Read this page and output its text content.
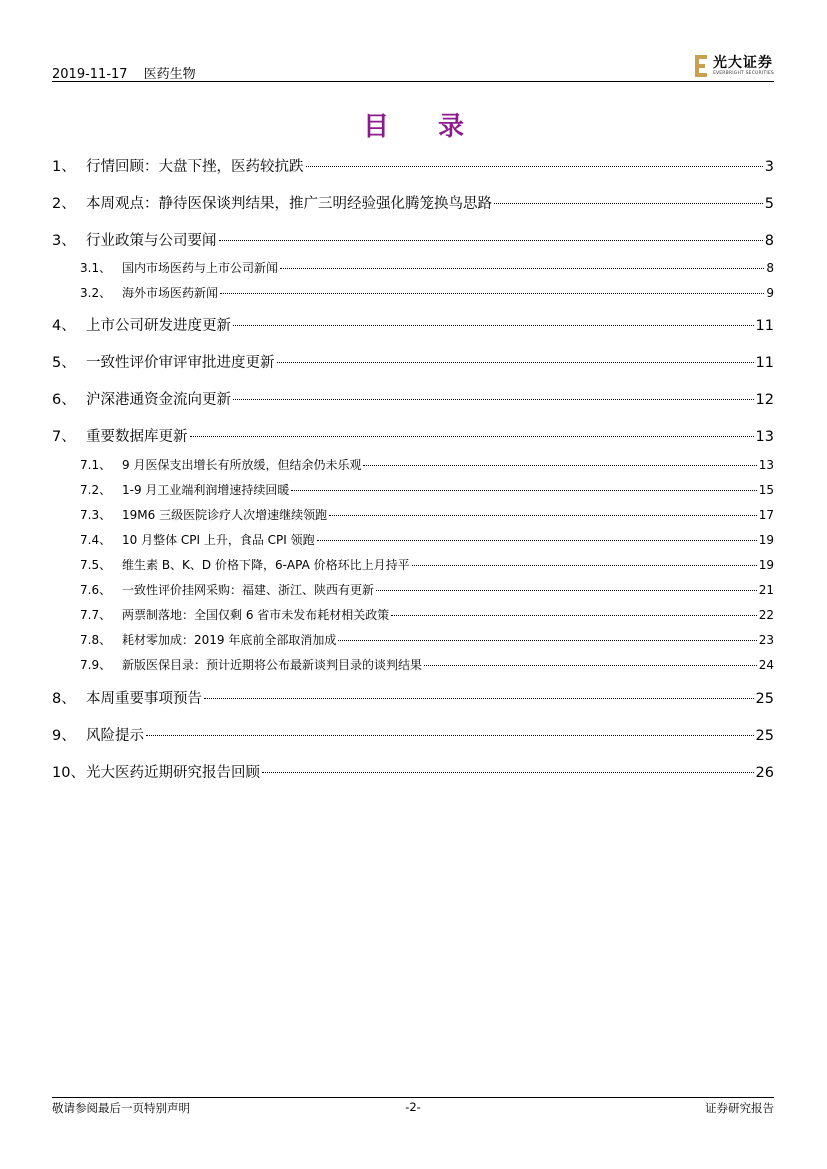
2019-11-17 医药生物
光大证券
EVERBRIGHT SECURITIES
目 录
1、 行情回顾：大盘下挫，医药较抗跌	3
2、 本周观点：静待医保谈判结果，推广三明经验强化腾笼换鸟思路	5
3、 行业政策与公司要闻	8
3.1、 国内市场医药与上市公司新闻	8
3.2、 海外市场医药新闻	9
4、 上市公司研发进度更新	11
5、 一致性评价审评审批进度更新	11
6、 沪深港通资金流向更新	12
7、 重要数据库更新	13
7.1、 9 月医保支出增长有所放缓，但结余仍未乐观	13
7.2、 1-9 月工业端利润增速持续回暖	15
7.3、 19M6 三级医院诊疗人次增速继续领跑	17
7.4、 10 月整体 CPI 上升，食品 CPI 领跑	19
7.5、 维生素 B、K、D 价格下降，6-APA 价格环比上月持平	19
7.6、 一致性评价挂网采购：福建、浙江、陕西有更新	21
7.7、 两票制落地：全国仅剩 6 省市未发布耗材相关政策	22
7.8、 耗材零加成：2019 年底前全部取消加成	23
7.9、 新版医保目录：预计近期将公布最新谈判目录的谈判结果	24
8、 本周重要事项预告	25
9、 风险提示	25
10、 光大医药近期研究报告回顾	26
敬请参阅最后一页特别声明	-2-	证券研究报告
